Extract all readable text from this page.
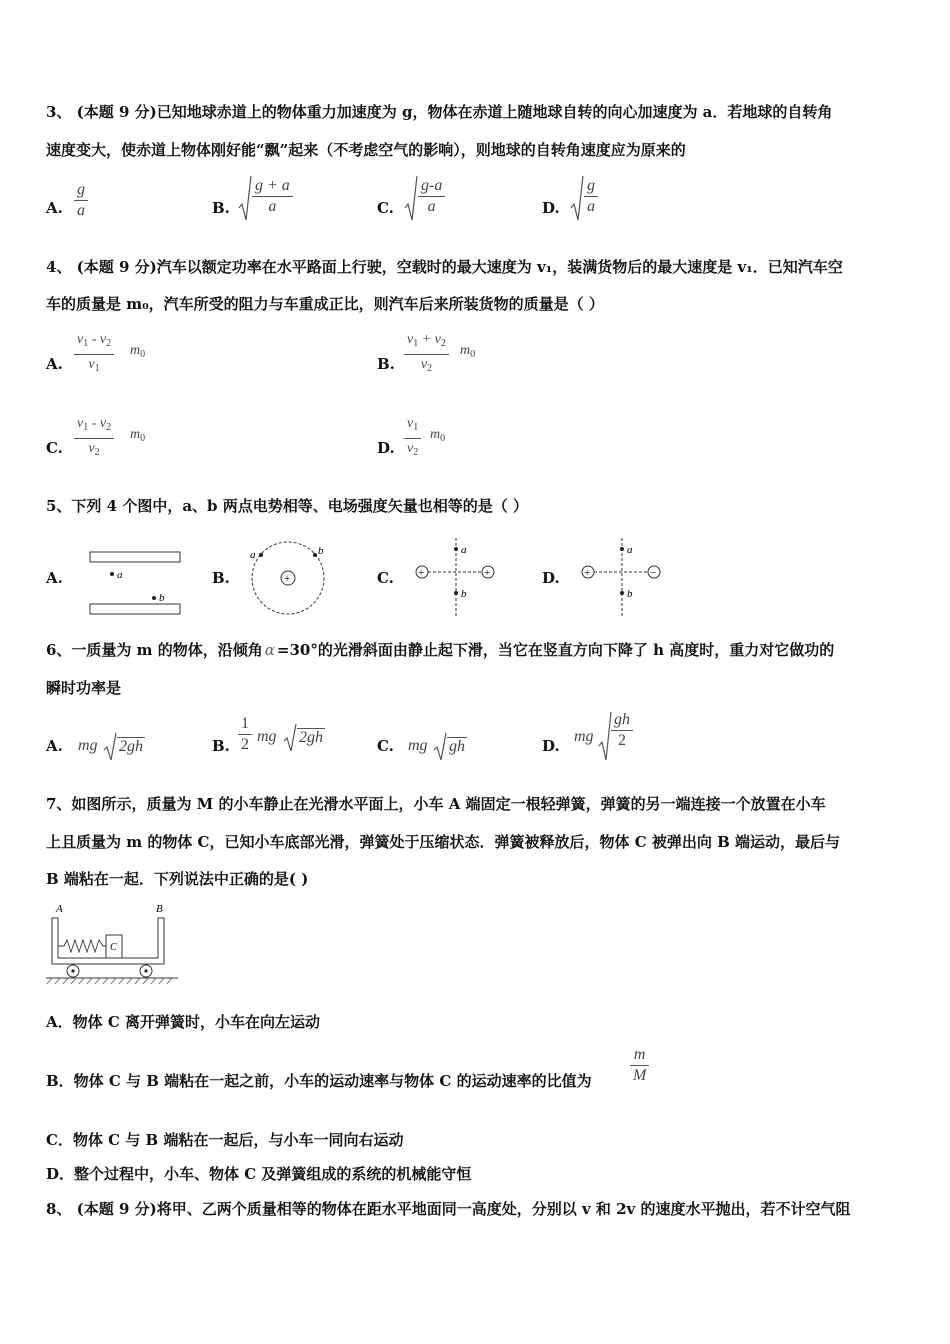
3、 (本题 9 分)已知地球赤道上的物体重力加速度为 g，物体在赤道上随地球自转的向心加速度为 a．若地球的自转角
速度变大，使赤道上物体刚好能“飘”起来（不考虑空气的影响），则地球的自转角速度应为原来的
A.
g
a	B.
g + a
a	C.
g-a
a	D.
g
a
4、 (本题 9 分)汽车以额定功率在水平路面上行驶，空载时的最大速度为 v₁，装满货物后的最大速度是 v₁．已知汽车空
车的质量是 m₀，汽车所受的阻力与车重成正比，则汽车后来所装货物的质量是（ ）
A.
$v_1 - v_2$
$v_1$
$m_0$
B.
$v_1 + v_2$
$v_2$
$m_0$
C.
$v_1 - v_2$
$v_2$
$m_0$
D.
$v_1$
$v_2$
$m_0$
5、下列 4 个图中，a、b 两点电势相等、电场强度矢量也相等的是（ ）
A.	a
b
B.	+
a	b
C. +	+
a
b
D. +	−
a
b
6、一质量为 m 的物体，沿倾角 α =30°的光滑斜面由静止起下滑，当它在竖直方向下降了 h 高度时，重力对它做功的
瞬时功率是
A. mg 2gh	B.
1
2 mg 2gh	C. mg gh	D.
mg
gh
2
7、如图所示，质量为 M 的小车静止在光滑水平面上，小车 A 端固定一根轻弹簧，弹簧的另一端连接一个放置在小车
上且质量为 m 的物体 C，已知小车底部光滑，弹簧处于压缩状态．弹簧被释放后，物体 C 被弹出向 B 端运动，最后与
B 端粘在一起．下列说法中正确的是( )
A	B
C
A．物体 C 离开弹簧时，小车在向左运动
B．物体 C 与 B 端粘在一起之前，小车的运动速率与物体 C 的运动速率的比值为
m
M
C．物体 C 与 B 端粘在一起后，与小车一同向右运动
D．整个过程中，小车、物体 C 及弹簧组成的系统的机械能守恒
8、 (本题 9 分)将甲、乙两个质量相等的物体在距水平地面同一高度处，分别以 v 和 2v 的速度水平抛出，若不计空气阻
